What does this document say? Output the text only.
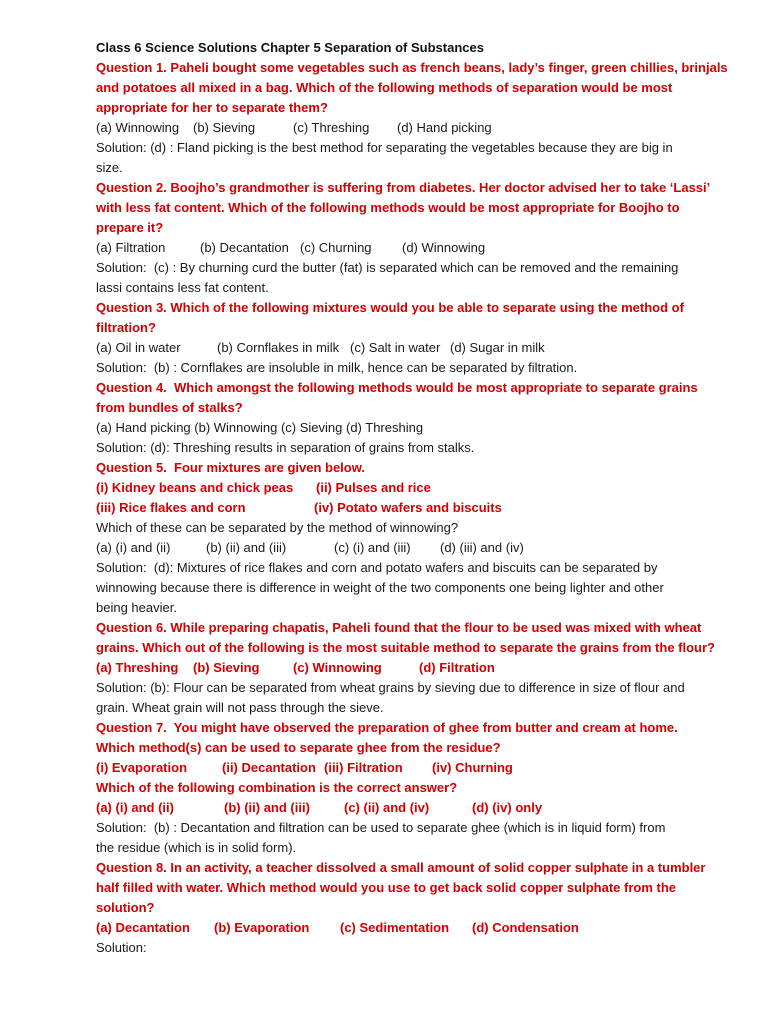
Class 6 Science Solutions Chapter 5 Separation of Substances
Question 1. Paheli bought some vegetables such as french beans, lady’s finger, green chillies, brinjals
and potatoes all mixed in a bag. Which of the following methods of separation would be most
appropriate for her to separate them?
(a) Winnowing (b) Sieving	(c) Threshing (d) Hand picking
Solution: (d) : Fland picking is the best method for separating the vegetables because they are big in
size.
Question 2. Boojho’s grandmother is suffering from diabetes. Her doctor advised her to take ‘Lassi’
with less fat content. Which of the following methods would be most appropriate for Boojho to
prepare it?
(a) Filtration	(b) Decantation (c) Churning (d) Winnowing
Solution:  (c) : By churning curd the butter (fat) is separated which can be removed and the remaining
lassi contains less fat content.
Question 3. Which of the following mixtures would you be able to separate using the method of
filtration?
(a) Oil in water	(b) Cornflakes in milk (c) Salt in water (d) Sugar in milk
Solution:  (b) : Cornflakes are insoluble in milk, hence can be separated by filtration.
Question 4.  Which amongst the following methods would be most appropriate to separate grains
from bundles of stalks?
(a) Hand picking (b) Winnowing (c) Sieving (d) Threshing
Solution: (d): Threshing results in separation of grains from stalks.
Question 5.  Four mixtures are given below.
(i) Kidney beans and chick peas (ii) Pulses and rice
(iii) Rice flakes and corn	(iv) Potato wafers and biscuits
Which of these can be separated by the method of winnowing?
(a) (i) and (ii)	(b) (ii) and (iii)	(c) (i) and (iii) (d) (iii) and (iv)
Solution:  (d): Mixtures of rice flakes and corn and potato wafers and biscuits can be separated by
winnowing because there is difference in weight of the two components one being lighter and other
being heavier.
Question 6. While preparing chapatis, Paheli found that the flour to be used was mixed with wheat
grains. Which out of the following is the most suitable method to separate the grains from the flour?
(a) Threshing (b) Sieving	(c) Winnowing	(d) Filtration
Solution: (b): Flour can be separated from wheat grains by sieving due to difference in size of flour and
grain. Wheat grain will not pass through the sieve.
Question 7.  You might have observed the preparation of ghee from butter and cream at home.
Which method(s) can be used to separate ghee from the residue?
(i) Evaporation	(ii) Decantation (iii) Filtration (iv) Churning
Which of the following combination is the correct answer?
(a) (i) and (ii)	(b) (ii) and (iii)	(c) (ii) and (iv)	(d) (iv) only
Solution:  (b) : Decantation and filtration can be used to separate ghee (which is in liquid form) from
the residue (which is in solid form).
Question 8. In an activity, a teacher dissolved a small amount of solid copper sulphate in a tumbler
half filled with water. Which method would you use to get back solid copper sulphate from the
solution?
(a) Decantation (b) Evaporation (c) Sedimentation (d) Condensation
Solution:
